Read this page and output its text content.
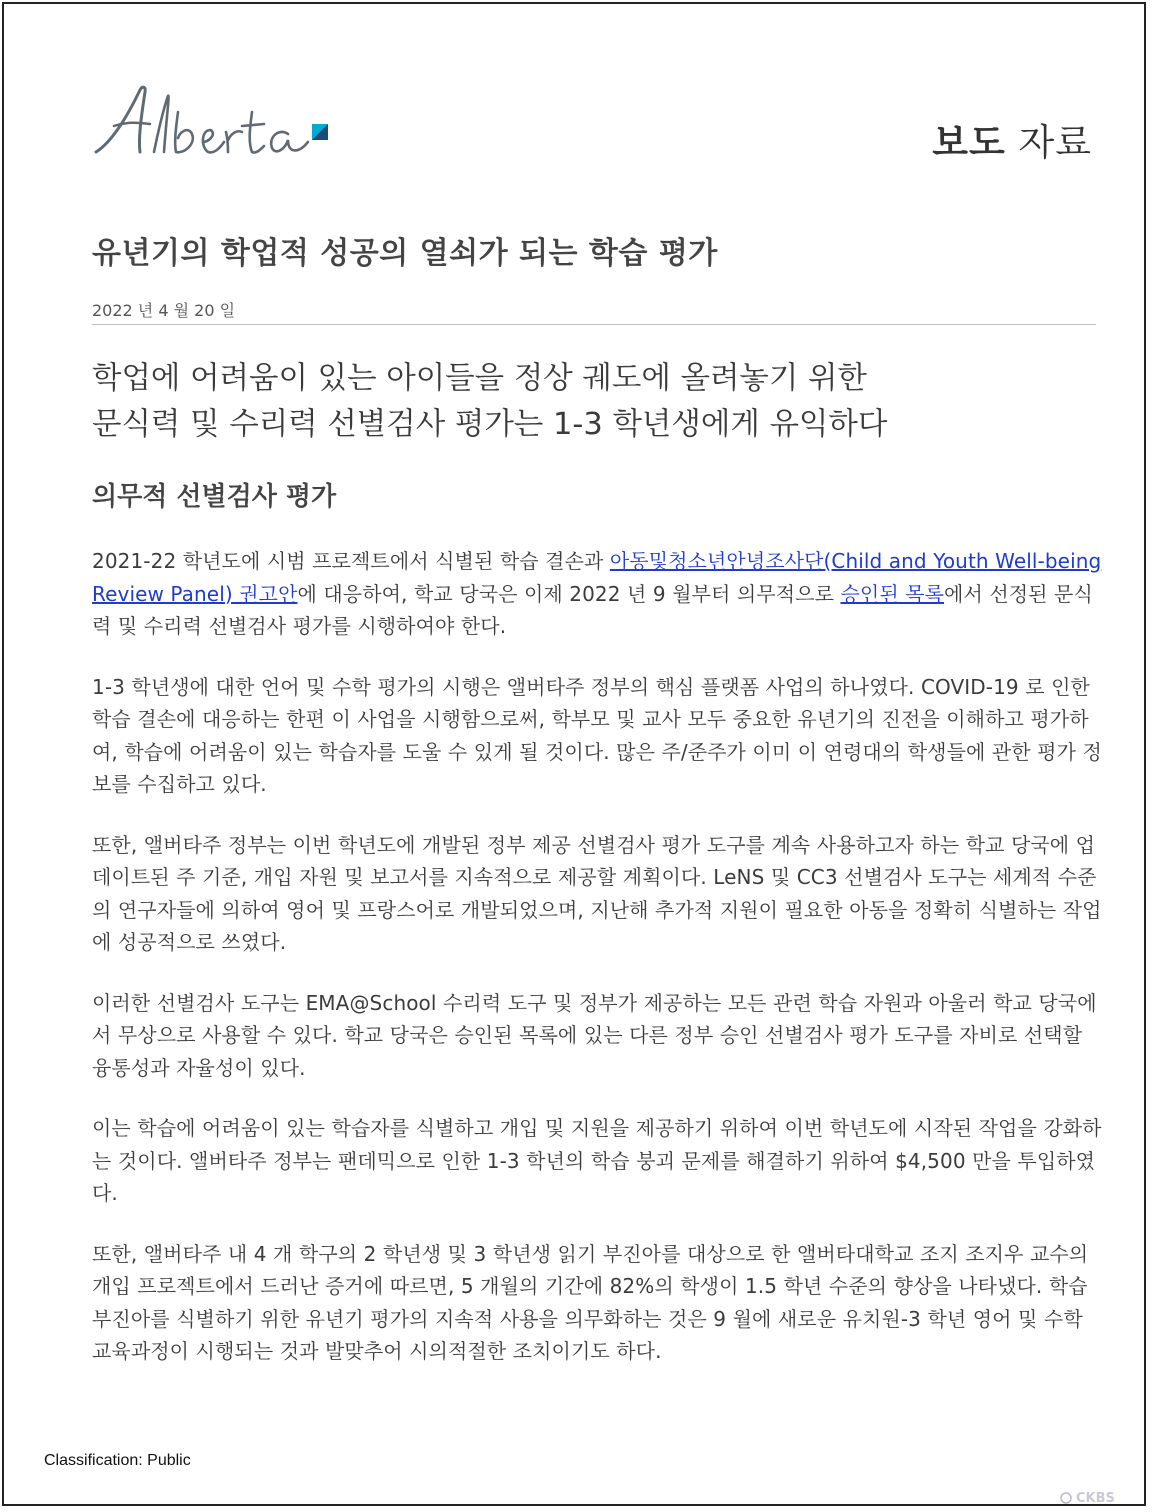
보도 자료
유년기의 학업적 성공의 열쇠가 되는 학습 평가
2022 년 4 월 20 일
학업에 어려움이 있는 아이들을 정상 궤도에 올려놓기 위한
문식력 및 수리력 선별검사 평가는 1-3 학년생에게 유익하다
의무적 선별검사 평가

2021-22 학년도에 시범 프로젝트에서 식별된 학습 결손과 아동및청소년안녕조사단(Child and Youth Well-being Review Panel) 권고안에 대응하여, 학교 당국은 이제 2022 년 9 월부터 의무적으로 승인된 목록에서 선정된 문식력 및 수리력 선별검사 평가를 시행하여야 한다.

1-3 학년생에 대한 언어 및 수학 평가의 시행은 앨버타주 정부의 핵심 플랫폼 사업의 하나였다. COVID-19 로 인한 학습 결손에 대응하는 한편 이 사업을 시행함으로써, 학부모 및 교사 모두 중요한 유년기의 진전을 이해하고 평가하여, 학습에 어려움이 있는 학습자를 도울 수 있게 될 것이다. 많은 주/준주가 이미 이 연령대의 학생들에 관한 평가 정보를 수집하고 있다.

또한, 앨버타주 정부는 이번 학년도에 개발된 정부 제공 선별검사 평가 도구를 계속 사용하고자 하는 학교 당국에 업데이트된 주 기준, 개입 자원 및 보고서를 지속적으로 제공할 계획이다. LeNS 및 CC3 선별검사 도구는 세계적 수준의 연구자들에 의하여 영어 및 프랑스어로 개발되었으며, 지난해 추가적 지원이 필요한 아동을 정확히 식별하는 작업에 성공적으로 쓰였다.

이러한 선별검사 도구는 EMA@School 수리력 도구 및 정부가 제공하는 모든 관련 학습 자원과 아울러 학교 당국에서 무상으로 사용할 수 있다. 학교 당국은 승인된 목록에 있는 다른 정부 승인 선별검사 평가 도구를 자비로 선택할 융통성과 자율성이 있다.

이는 학습에 어려움이 있는 학습자를 식별하고 개입 및 지원을 제공하기 위하여 이번 학년도에 시작된 작업을 강화하는 것이다. 앨버타주 정부는 팬데믹으로 인한 1-3 학년의 학습 붕괴 문제를 해결하기 위하여 $4,500 만을 투입하였다.

또한, 앨버타주 내 4 개 학구의 2 학년생 및 3 학년생 읽기 부진아를 대상으로 한 앨버타대학교 조지 조지우 교수의 개입 프로젝트에서 드러난 증거에 따르면, 5 개월의 기간에 82%의 학생이 1.5 학년 수준의 향상을 나타냈다. 학습 부진아를 식별하기 위한 유년기 평가의 지속적 사용을 의무화하는 것은 9 월에 새로운 유치원-3 학년 영어 및 수학 교육과정이 시행되는 것과 발맞추어 시의적절한 조치이기도 하다.

Classification: Public
CKBS
